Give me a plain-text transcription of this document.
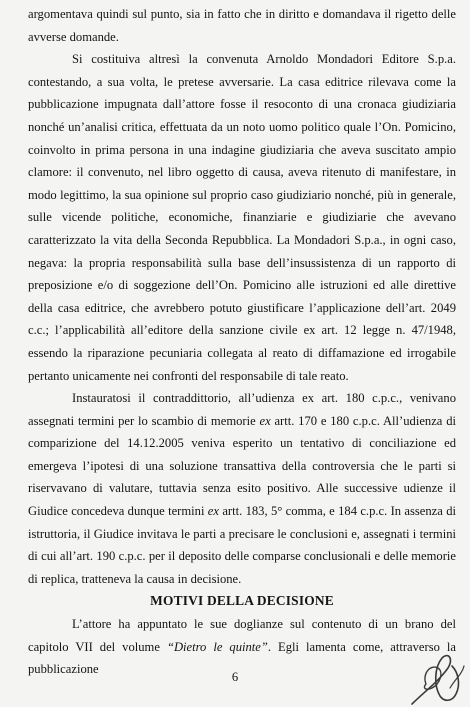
argomentava quindi sul punto, sia in fatto che in diritto e domandava il rigetto delle avverse domande.

Si costituiva altresì la convenuta Arnoldo Mondadori Editore S.p.a. contestando, a sua volta, le pretese avversarie. La casa editrice rilevava come la pubblicazione impugnata dall’attore fosse il resoconto di una cronaca giudiziaria nonché un’analisi critica, effettuata da un noto uomo politico quale l’On. Pomicino, coinvolto in prima persona in una indagine giudiziaria che aveva suscitato ampio clamore: il convenuto, nel libro oggetto di causa, aveva ritenuto di manifestare, in modo legittimo, la sua opinione sul proprio caso giudiziario nonché, più in generale, sulle vicende politiche, economiche, finanziarie e giudiziarie che avevano caratterizzato la vita della Seconda Repubblica. La Mondadori S.p.a., in ogni caso, negava: la propria responsabilità sulla base dell’insussistenza di un rapporto di preposizione e/o di soggezione dell’On. Pomicino alle istruzioni ed alle direttive della casa editrice, che avrebbero potuto giustificare l’applicazione dell’art. 2049 c.c.; l’applicabilità all’editore della sanzione civile ex art. 12 legge n. 47/1948, essendo la riparazione pecuniaria collegata al reato di diffamazione ed irrogabile pertanto unicamente nei confronti del responsabile di tale reato.

Instauratosi il contraddittorio, all’udienza ex art. 180 c.p.c., venivano assegnati termini per lo scambio di memorie ex artt. 170 e 180 c.p.c. All’udienza di comparizione del 14.12.2005 veniva esperito un tentativo di conciliazione ed emergeva l’ipotesi di una soluzione transattiva della controversia che le parti si riservavano di valutare, tuttavia senza esito positivo. Alle successive udienze il Giudice concedeva dunque termini ex artt. 183, 5° comma, e 184 c.p.c. In assenza di istruttoria, il Giudice invitava le parti a precisare le conclusioni e, assegnati i termini di cui all’art. 190 c.p.c. per il deposito delle comparse conclusionali e delle memorie di replica, tratteneva la causa in decisione.

MOTIVI DELLA DECISIONE

L’attore ha appuntato le sue doglianze sul contenuto di un brano del capitolo VII del volume “Dietro le quinte”. Egli lamenta come, attraverso la pubblicazione

6
